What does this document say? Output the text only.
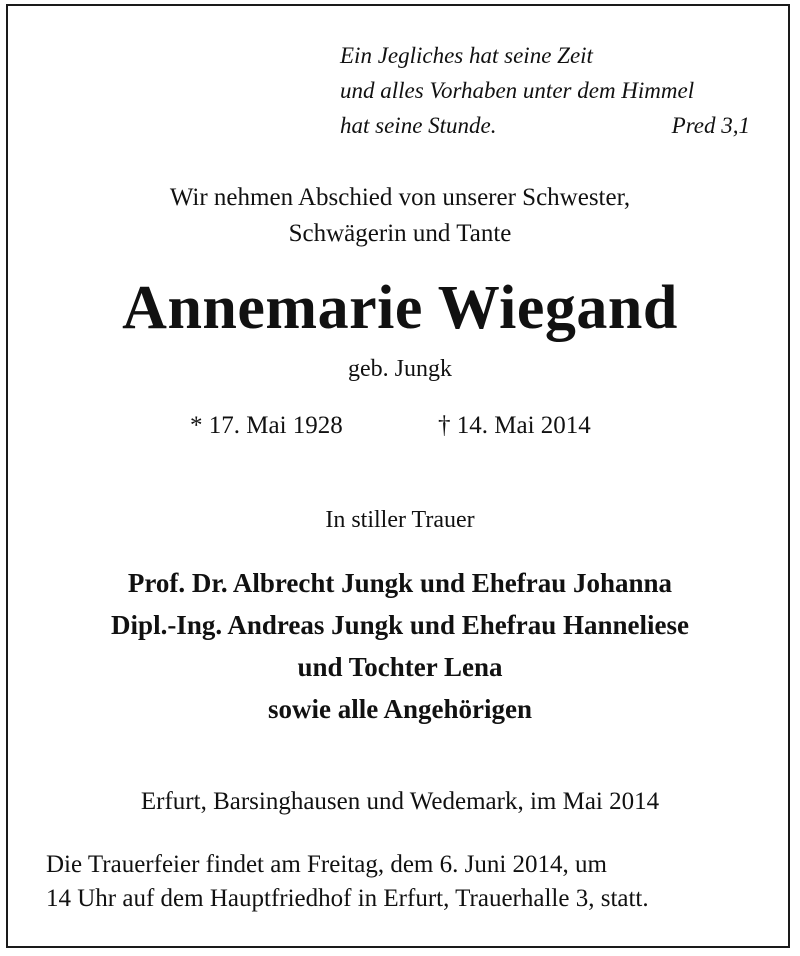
Ein Jegliches hat seine Zeit
und alles Vorhaben unter dem Himmel
hat seine Stunde.	Pred 3,1
Wir nehmen Abschied von unserer Schwester,
Schwägerin und Tante
Annemarie Wiegand
geb. Jungk
* 17. Mai 1928	† 14. Mai 2014
In stiller Trauer
Prof. Dr. Albrecht Jungk und Ehefrau Johanna
Dipl.-Ing. Andreas Jungk und Ehefrau Hanneliese
und Tochter Lena
sowie alle Angehörigen
Erfurt, Barsinghausen und Wedemark, im Mai 2014
Die Trauerfeier findet am Freitag, dem 6. Juni 2014, um
14 Uhr auf dem Hauptfriedhof in Erfurt, Trauerhalle 3, statt.
